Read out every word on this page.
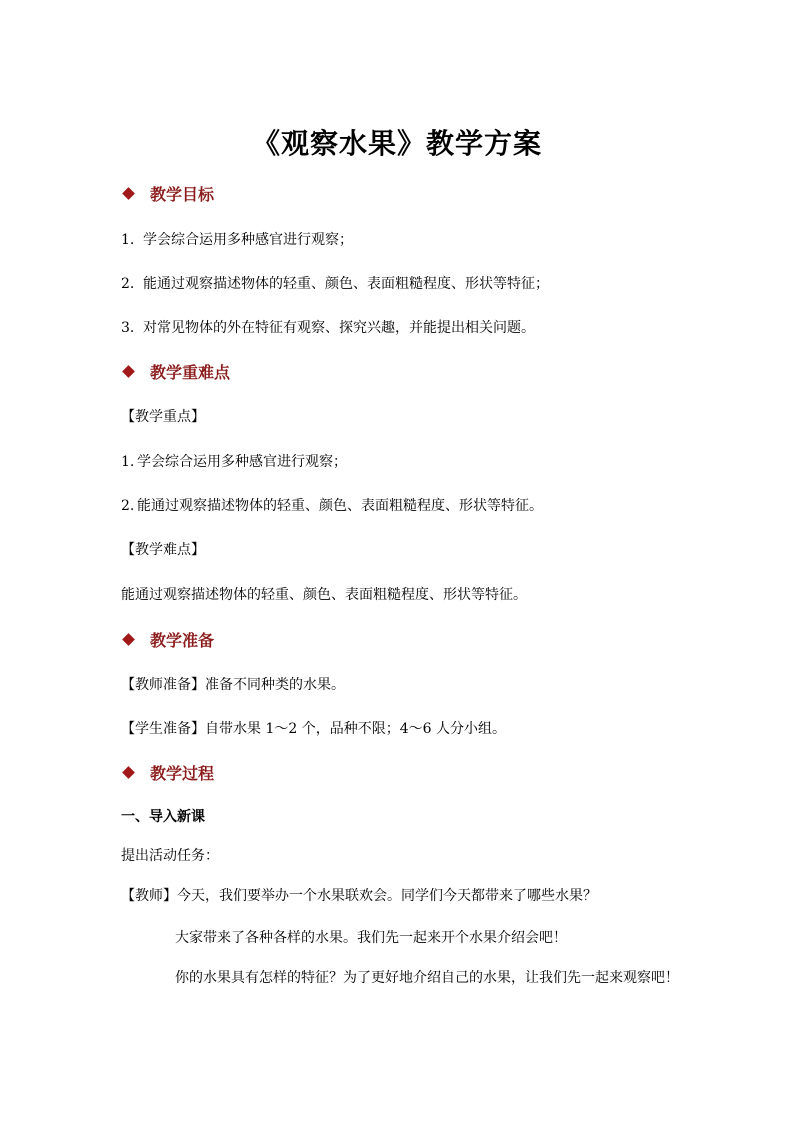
《观察水果》教学方案
教学目标
1. 学会综合运用多种感官进行观察；
2. 能通过观察描述物体的轻重、颜色、表面粗糙程度、形状等特征；
3. 对常见物体的外在特征有观察、探究兴趣，并能提出相关问题。
教学重难点
【教学重点】
1. 学会综合运用多种感官进行观察；
2. 能通过观察描述物体的轻重、颜色、表面粗糙程度、形状等特征。
【教学难点】
能通过观察描述物体的轻重、颜色、表面粗糙程度、形状等特征。
教学准备
【教师准备】准备不同种类的水果。
【学生准备】自带水果 1～2 个，品种不限；4～6 人分小组。
教学过程
一、导入新课
提出活动任务：
【教师】今天，我们要举办一个水果联欢会。同学们今天都带来了哪些水果？
大家带来了各种各样的水果。我们先一起来开个水果介绍会吧！
你的水果具有怎样的特征？为了更好地介绍自己的水果，让我们先一起来观察吧！
